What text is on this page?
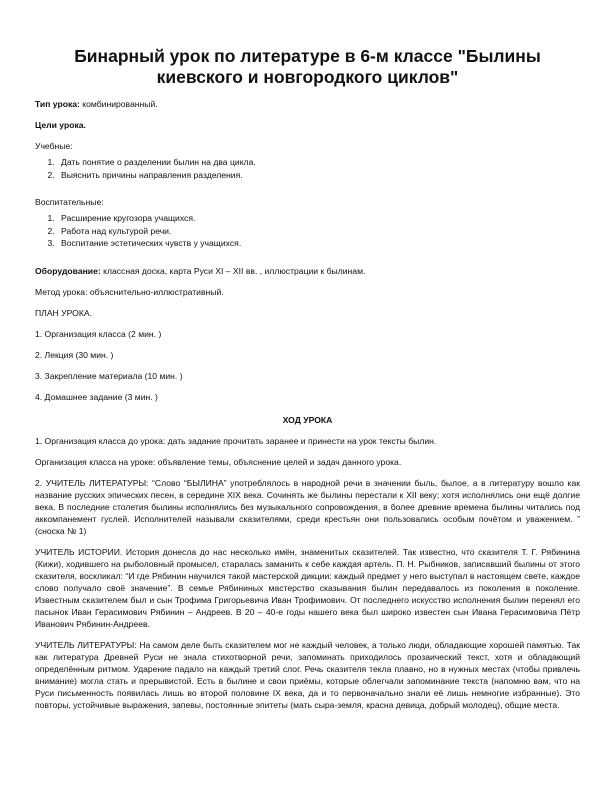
Бинарный урок по литературе в 6-м классе "Былины киевского и новгородкого циклов"

Тип урока: комбинированный.

Цели урока.

Учебные:

1. Дать понятие о разделении былин на два цикла.
2. Выяснить причины направления разделения.

Воспитательные:

1. Расширение кругозора учащихся.
2. Работа над культурой речи.
3. Воспитание эстетических чувств у учащихся.

Оборудование: классная доска, карта Руси XI – XII вв. , иллюстрации к былинам.

Метод урока: объяснительно-иллюстративный.

ПЛАН УРОКА.

1. Организация класса (2 мин. )

2. Лекция (30 мин. )

3. Закрепление материала (10 мин. )

4. Домашнее задание (3 мин. )

ХОД УРОКА

1. Организация класса до урока: дать задание прочитать заранее и принести на урок тексты былин.

Организация класса на уроке: объявление темы, объяснение целей и задач данного урока.

2. УЧИТЕЛЬ ЛИТЕРАТУРЫ: “Слово “БЫЛИНА” употреблялось в народной речи в значении быль, былое, а в литературу вошло как название русских эпических песен, в середине XIX века. Сочинять же былины перестали к XII веку; хотя исполнялись они ещё долгие века. В последние столетия былины исполнялись без музыкального сопровождения, в более древние времена былины читались под аккомпанемент гуслей. Исполнителей называли сказителями, среди крестьян они пользовались особым почётом и уважением. ” (сноска № 1)

УЧИТЕЛЬ ИСТОРИИ. История донесла до нас несколько имён, знаменитых сказителей. Так известно, что сказителя Т. Г. Рябинина (Кижи), ходившего на рыболовный промысел, старалась заманить к себе каждая артель. П. Н. Рыбников, записавший былины от этого сказителя, воскликал: “И где Рябинин научился такой мастерской дикции: каждый предмет у него выступал в настоящем свете, каждое слово получало своё значение”. В семье Рябининых мастерство сказывания былин передавалось из поколения в поколение. Известным сказителем был и сын Трофима Григорьевича Иван Трофимович. От последнего искусство исполнения былин перенял его пасынок Иван Герасимович Рябинин – Андреев. В 20 – 40-е годы нашего века был широко известен сын Ивана Герасимовича Пётр Иванович Рябинин-Андреев.

УЧИТЕЛЬ ЛИТЕРАТУРЫ: На самом деле быть сказителем мог не каждый человек, а только люди, обладающие хорошей памятью. Так как литература Древней Руси не знала стихотворной речи, запоминать приходилось прозаический текст, хотя и обладающий определённым ритмом. Ударение падало на каждый третий слог. Речь сказителя текла плавно, но в нужных местах (чтобы привлечь внимание) могла стать и прерывистой. Есть в былине и свои приёмы, которые облегчали запоминание текста (напомню вам, что на Руси письменность появилась лишь во второй половине IX века, да и то первоначально знали её лишь немногие избранные). Это повторы, устойчивые выражения, запевы, постоянные эпитеты (мать сыра-земля, красна девица, добрый молодец), общие места.
